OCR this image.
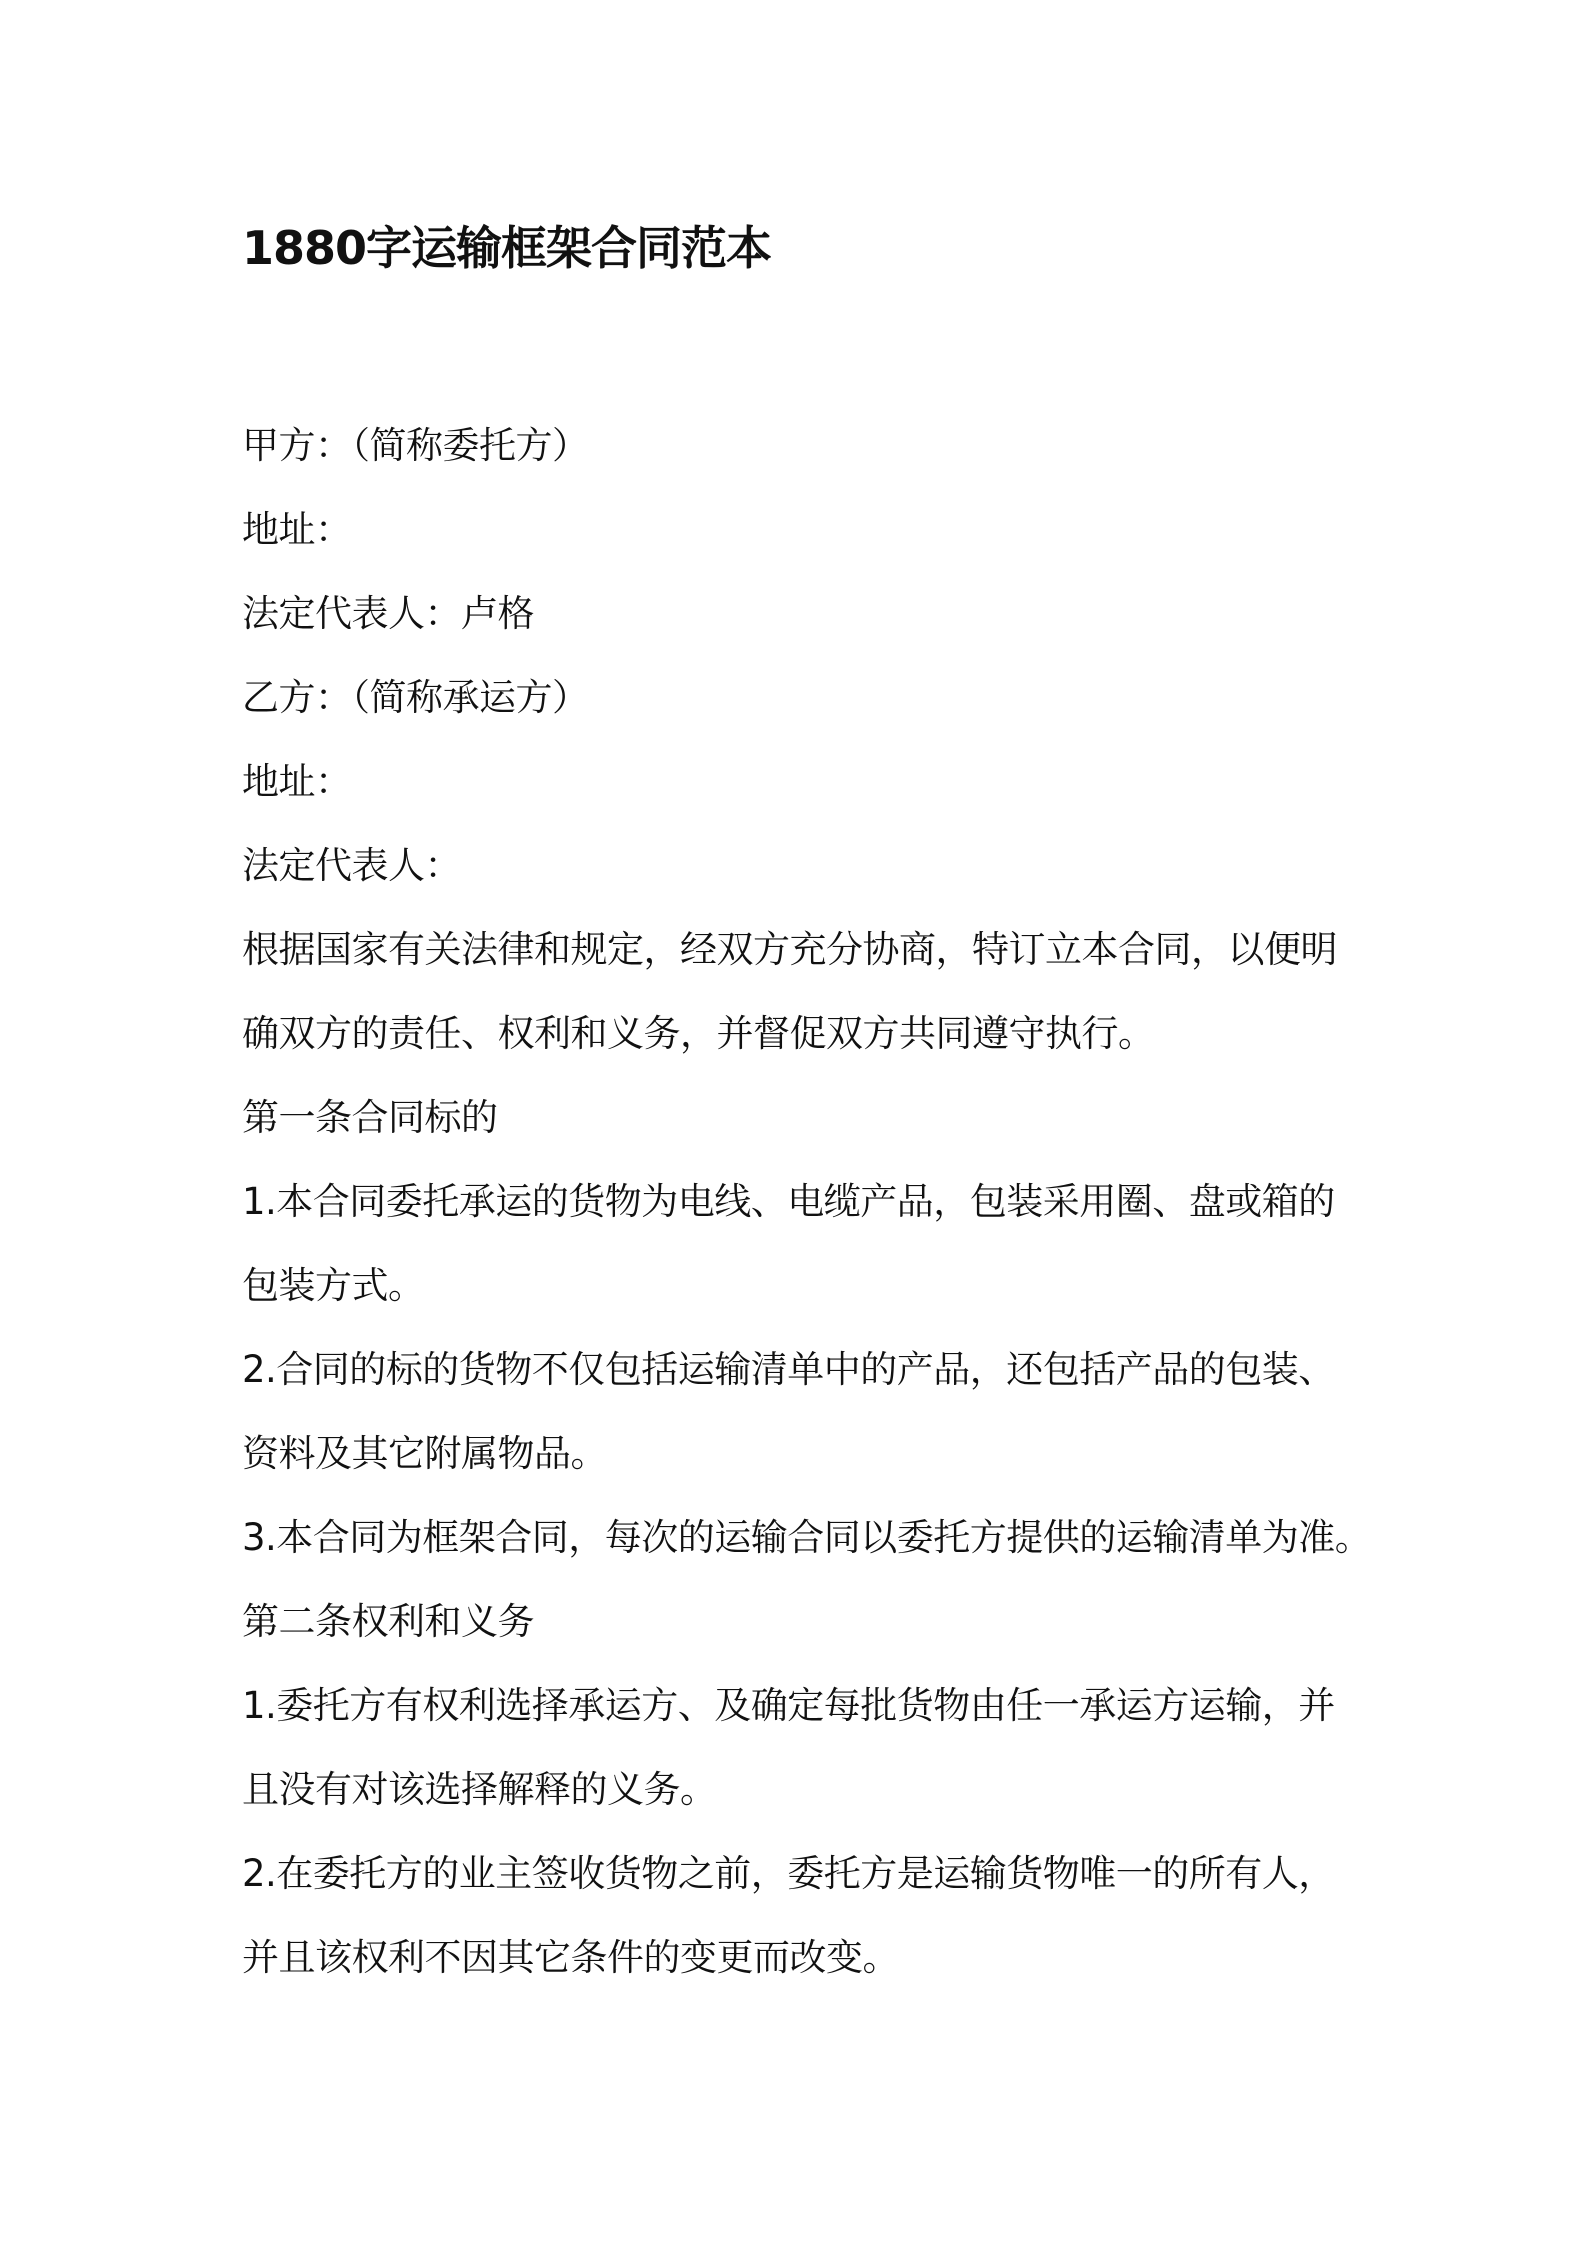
1880字运输框架合同范本
甲方：（简称委托方）
地址：
法定代表人：卢格
乙方：（简称承运方）
地址：
法定代表人：
根据国家有关法律和规定，经双方充分协商，特订立本合同，以便明
确双方的责任、权利和义务，并督促双方共同遵守执行。
第一条合同标的
1.本合同委托承运的货物为电线、电缆产品，包装采用圈、盘或箱的
包装方式。
2.合同的标的货物不仅包括运输清单中的产品，还包括产品的包装、
资料及其它附属物品。
3.本合同为框架合同，每次的运输合同以委托方提供的运输清单为准。
第二条权利和义务
1.委托方有权利选择承运方、及确定每批货物由任一承运方运输，并
且没有对该选择解释的义务。
2.在委托方的业主签收货物之前，委托方是运输货物唯一的所有人，
并且该权利不因其它条件的变更而改变。
